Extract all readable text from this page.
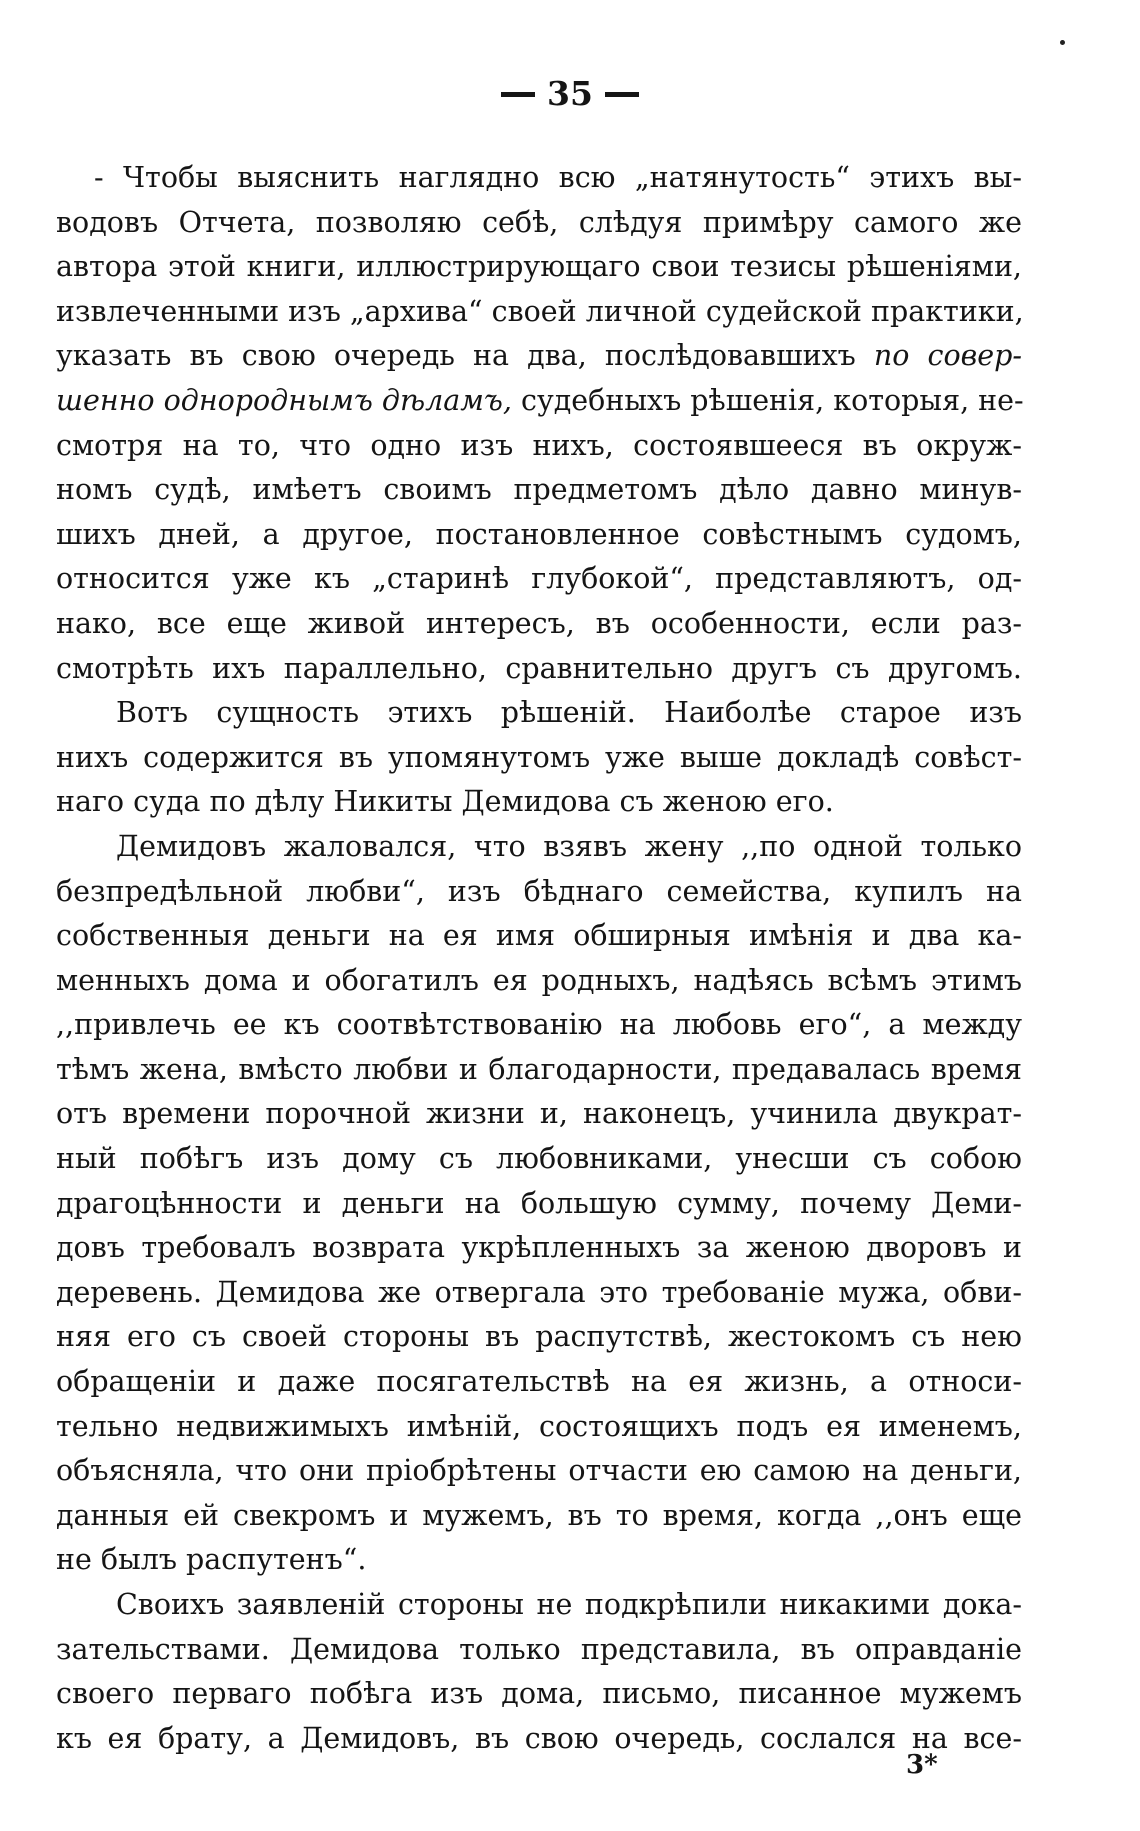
35
- Чтобы выяснить наглядно всю „натянутость“ этихъ вы-
водовъ Отчета, позволяю себѣ, слѣдуя примѣру самого же
автора этой книги, иллюстрирующаго свои тезисы рѣшеніями,
извлеченными изъ „архива“ своей личной судейской практики,
указать въ свою очередь на два, послѣдовавшихъ по совер-
шенно однороднымъ дѣламъ, судебныхъ рѣшенія, которыя, не-
смотря на то, что одно изъ нихъ, состоявшееся въ окруж-
номъ судѣ, имѣетъ своимъ предметомъ дѣло давно минув-
шихъ дней, а другое, постановленное совѣстнымъ судомъ,
относится уже къ „старинѣ глубокой“, представляютъ, од-
нако, все еще живой интересъ, въ особенности, если раз-
смотрѣть ихъ параллельно, сравнительно другъ съ другомъ.
Вотъ сущность этихъ рѣшеній. Наиболѣе старое изъ
нихъ содержится въ упомянутомъ уже выше докладѣ совѣст-
наго суда по дѣлу Никиты Демидова съ женою его.
Демидовъ жаловался, что взявъ жену ,,по одной только
безпредѣльной любви“, изъ бѣднаго семейства, купилъ на
собственныя деньги на ея имя обширныя имѣнія и два ка-
менныхъ дома и обогатилъ ея родныхъ, надѣясь всѣмъ этимъ
,,привлечь ее къ соотвѣтствованію на любовь его“, а между
тѣмъ жена, вмѣсто любви и благодарности, предавалась время
отъ времени порочной жизни и, наконецъ, учинила двукрат-
ный побѣгъ изъ дому съ любовниками, унесши съ собою
драгоцѣнности и деньги на большую сумму, почему Деми-
довъ требовалъ возврата укрѣпленныхъ за женою дворовъ и
деревень. Демидова же отвергала это требованіе мужа, обви-
няя его съ своей стороны въ распутствѣ, жестокомъ съ нею
обращеніи и даже посягательствѣ на ея жизнь, а относи-
тельно недвижимыхъ имѣній, состоящихъ подъ ея именемъ,
объясняла, что они пріобрѣтены отчасти ею самою на деньги,
данныя ей свекромъ и мужемъ, въ то время, когда ,,онъ еще
не былъ распутенъ“.
Своихъ заявленій стороны не подкрѣпили никакими дока-
зательствами. Демидова только представила, въ оправданіе
своего перваго побѣга изъ дома, письмо, писанное мужемъ
къ ея брату, а Демидовъ, въ свою очередь, сослался на все-
3*
